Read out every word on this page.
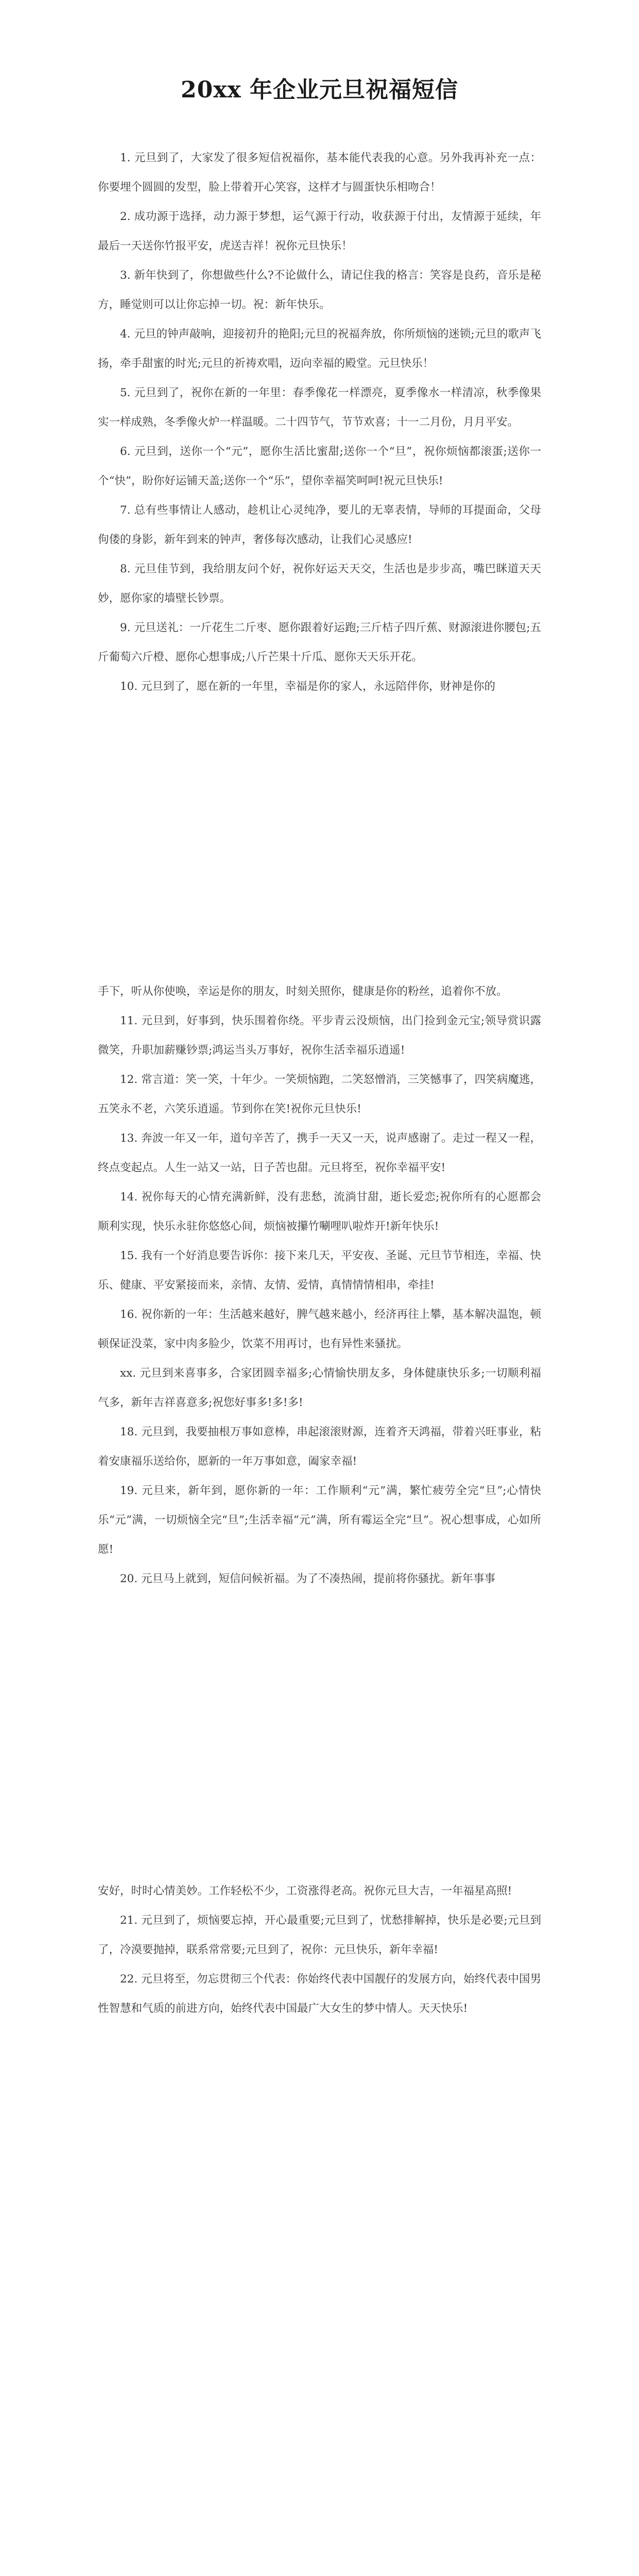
20xx 年企业元旦祝福短信

1. 元旦到了，大家发了很多短信祝福你，基本能代表我的心意。另外我再补充一点：你要埋个圆圆的发型，脸上带着开心笑容，这样才与圆蛋快乐相吻合！

2. 成功源于选择，动力源于梦想，运气源于行动，收获源于付出，友情源于延续，年最后一天送你竹报平安，虎送吉祥！祝你元旦快乐！

3. 新年快到了，你想做些什么?不论做什么，请记住我的格言：笑容是良药，音乐是秘方，睡觉则可以让你忘掉一切。祝：新年快乐。

4. 元旦的钟声敲响，迎接初升的艳阳;元旦的祝福奔放，你所烦恼的迷锁;元旦的歌声飞扬，牵手甜蜜的时光;元旦的祈祷欢唱，迈向幸福的殿堂。元旦快乐！

5. 元旦到了，祝你在新的一年里：春季像花一样漂亮，夏季像水一样清凉，秋季像果实一样成熟，冬季像火炉一样温暖。二十四节气，节节欢喜；十一二月份，月月平安。

6. 元旦到，送你一个“元”，愿你生活比蜜甜;送你一个“旦”，祝你烦恼都滚蛋;送你一个“快”，盼你好运铺天盖;送你一个“乐”，望你幸福笑呵呵!祝元旦快乐!

7. 总有些事情让人感动，趁机让心灵纯净，要儿的无辜表情，导师的耳提面命，父母佝偻的身影，新年到来的钟声，奢侈每次感动，让我们心灵感应!

8. 元旦佳节到，我给朋友问个好，祝你好运天天交，生活也是步步高，嘴巴眯道天天妙，愿你家的墙壁长钞票。

9. 元旦送礼：一斤花生二斤枣、愿你跟着好运跑;三斤桔子四斤蕉、财源滚进你腰包;五斤葡萄六斤橙、愿你心想事成;八斤芒果十斤瓜、愿你天天乐开花。

10. 元旦到了，愿在新的一年里，幸福是你的家人，永远陪伴你，财神是你的

手下，听从你使唤，幸运是你的朋友，时刻关照你，健康是你的粉丝，追着你不放。

11. 元旦到，好事到，快乐围着你绕。平步青云没烦恼，出门捡到金元宝;领导赏识露微笑，升职加薪赚钞票;鸿运当头万事好，祝你生活幸福乐逍遥!

12. 常言道：笑一笑，十年少。一笑烦恼跑，二笑怒憎消，三笑憾事了，四笑病魔逃，五笑永不老，六笑乐逍遥。节到你在笑!祝你元旦快乐!

13. 奔波一年又一年，道句辛苦了，携手一天又一天，说声感谢了。走过一程又一程，终点变起点。人生一站又一站，日子苦也甜。元旦将至，祝你幸福平安!

14. 祝你每天的心情充满新鲜，没有悲愁，流淌甘甜，逝长爱恋;祝你所有的心愿都会顺利实现，快乐永驻你悠悠心间，烦恼被攥竹唰哩叭啦炸开!新年快乐!

15. 我有一个好消息要告诉你：接下来几天，平安夜、圣诞、元旦节节相连，幸福、快乐、健康、平安紧接而来，亲情、友情、爱情，真情情情相串，牵挂!

16. 祝你新的一年：生活越来越好，脾气越来越小，经济再往上攀，基本解决温饱，顿顿保证没菜，家中肉多脸少，饮菜不用再讨，也有异性来骚扰。

xx. 元旦到来喜事多，合家团圆幸福多;心情愉快朋友多，身体健康快乐多;一切顺利福气多，新年吉祥喜意多;祝您好事多!多!多!

18. 元旦到，我要抽根万事如意棒，串起滚滚财源，连着齐天鸿福，带着兴旺事业，粘着安康福乐送给你，愿新的一年万事如意，阖家幸福!

19. 元旦来，新年到，愿你新的一年：工作顺利“元”满，繁忙疲劳全完“旦”;心情快乐“元”满，一切烦恼全完“旦”;生活幸福“元”满，所有霉运全完“旦”。祝心想事成，心如所愿!

20. 元旦马上就到，短信问候祈福。为了不凑热闹，提前将你骚扰。新年事事

安好，时时心情美妙。工作轻松不少，工资涨得老高。祝你元旦大吉，一年福星高照!

21. 元旦到了，烦恼要忘掉，开心最重要;元旦到了，忧愁排解掉，快乐是必要;元旦到了，冷漠要抛掉，联系常常要;元旦到了，祝你：元旦快乐，新年幸福!

22. 元旦将至，勿忘贯彻三个代表：你始终代表中国靓仔的发展方向，始终代表中国男性智慧和气质的前进方向，始终代表中国最广大女生的梦中情人。天天快乐!
